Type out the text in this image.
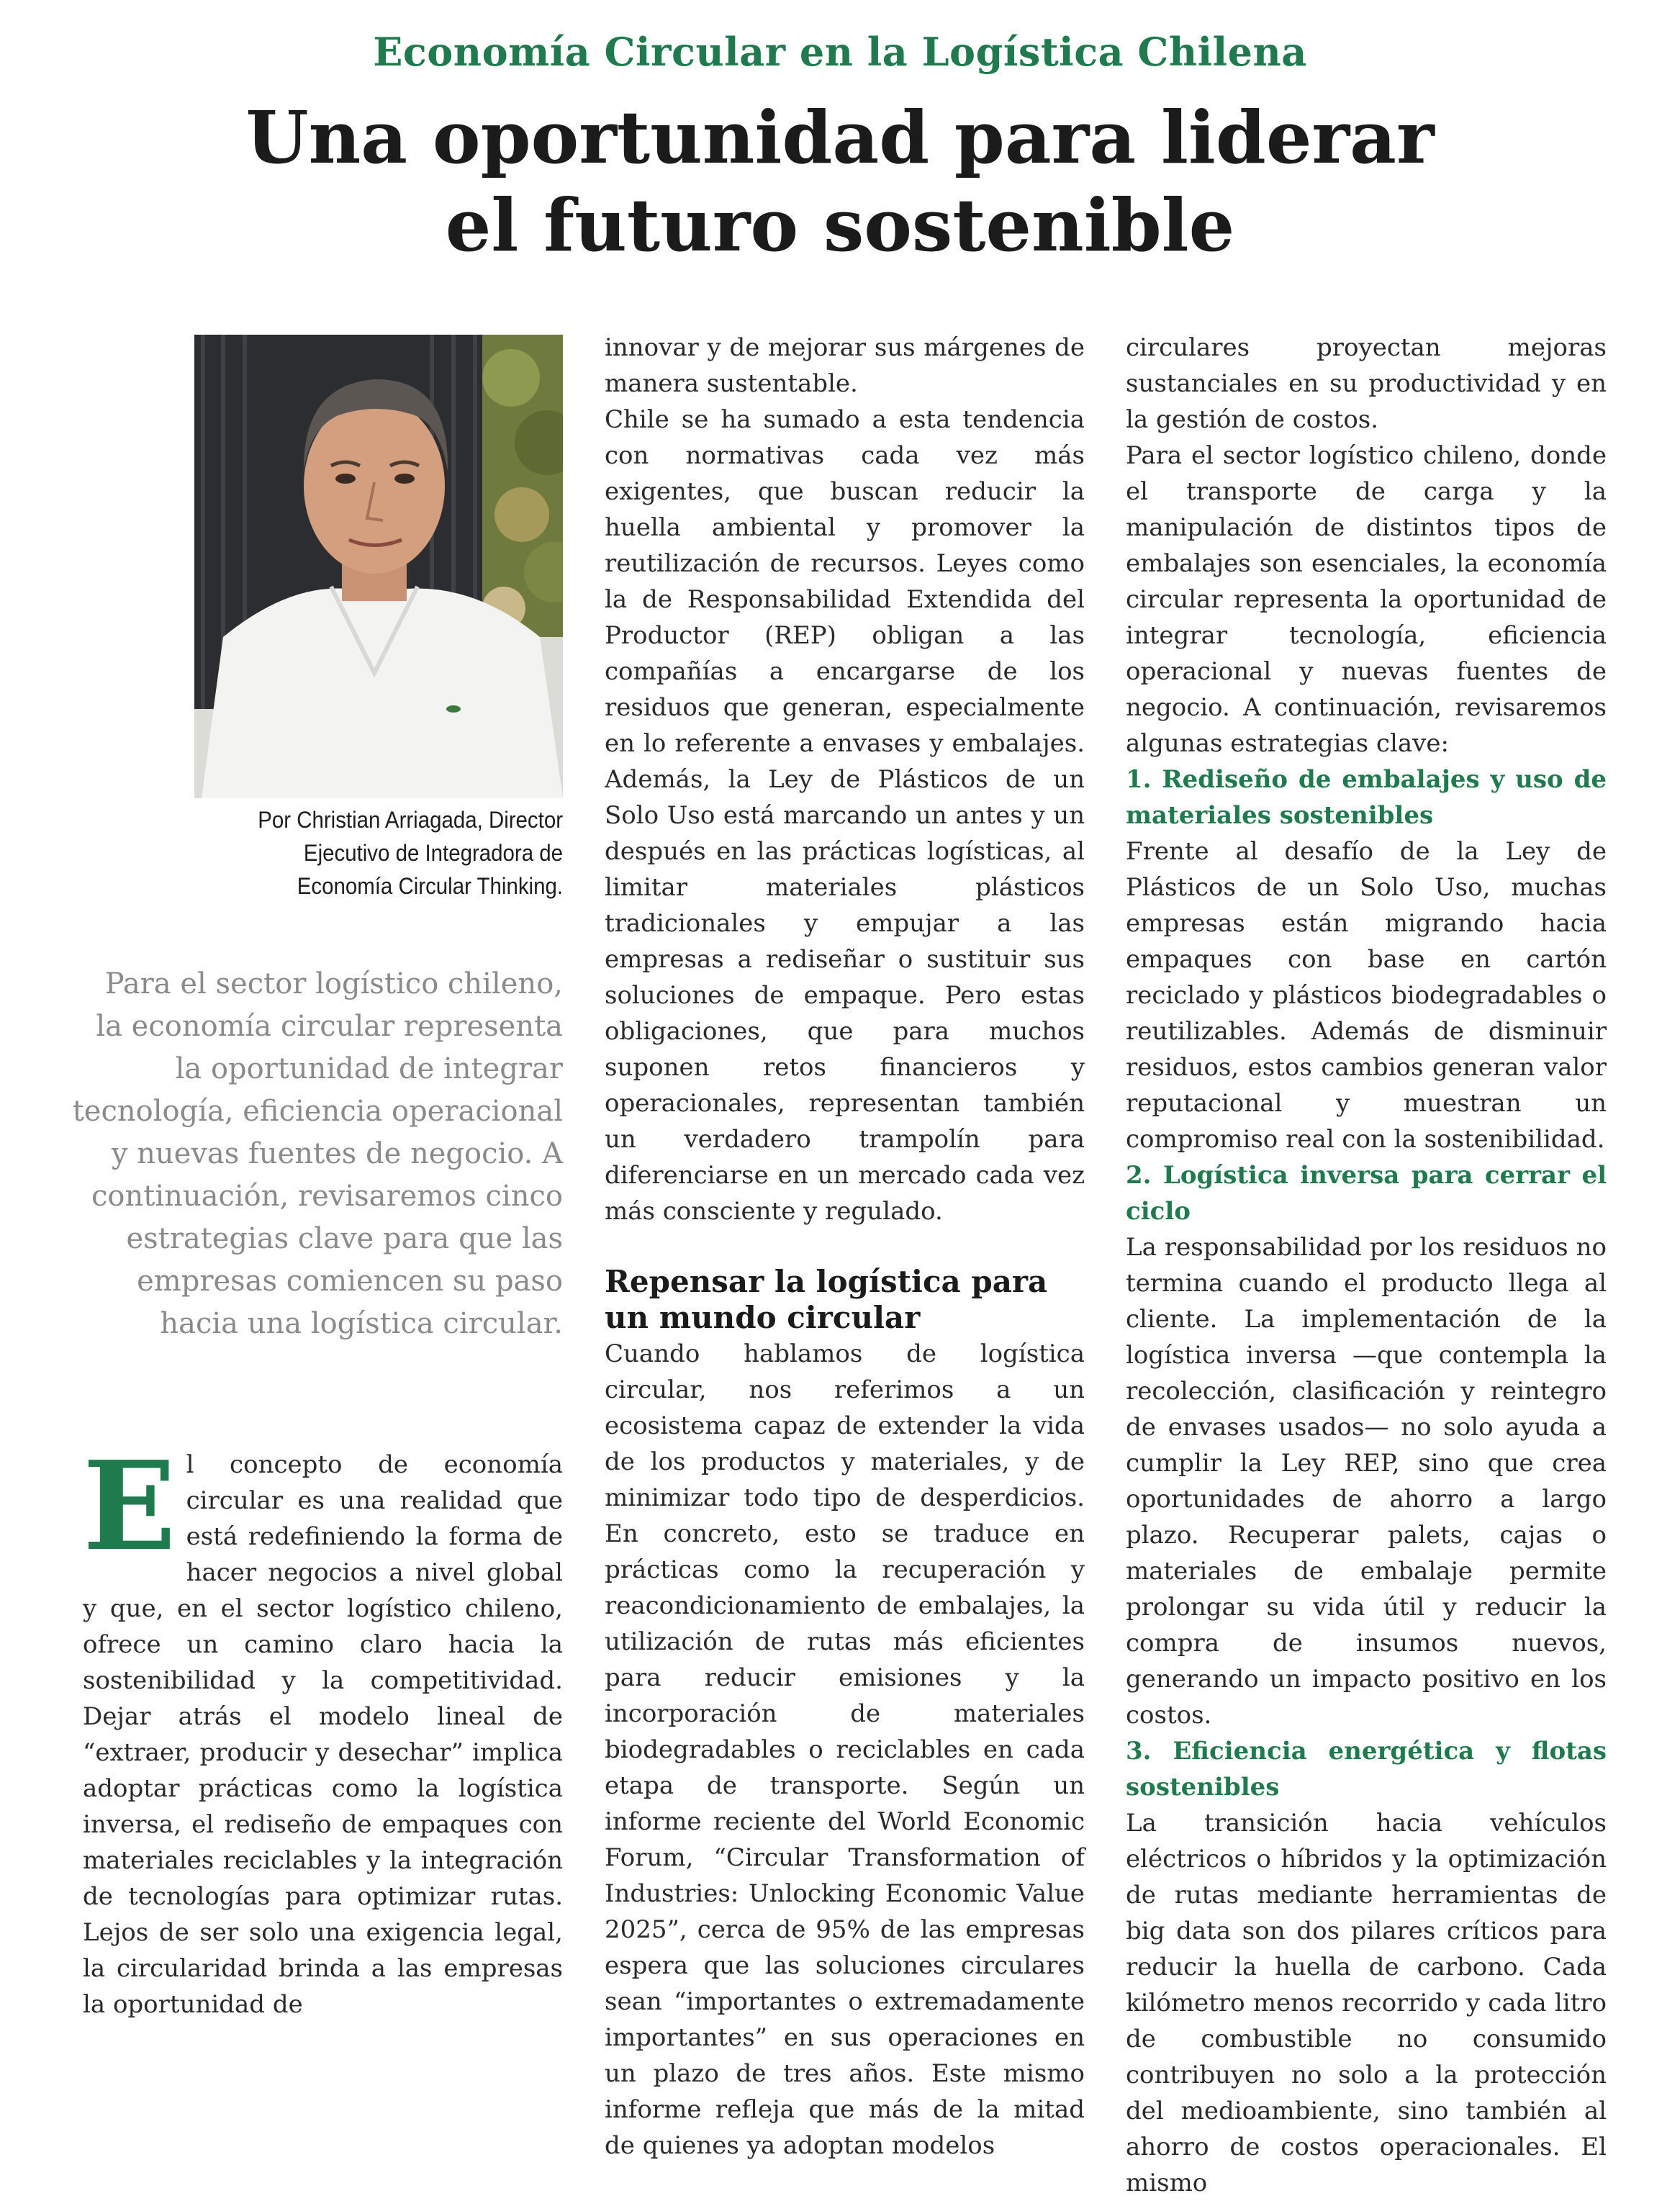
Economía Circular en la Logística Chilena
Una oportunidad para liderar
el futuro sostenible
Por Christian Arriagada, Director
Ejecutivo de Integradora de
Economía Circular Thinking.
Para el sector logístico chileno, la economía circular representa la oportunidad de integrar tecnología, eficiencia operacional y nuevas fuentes de negocio. A continuación, revisaremos cinco estrategias clave para que las empresas comiencen su paso hacia una logística circular.

El concepto de economía circular es una realidad que está redefiniendo la forma de hacer negocios a nivel global y que, en el sector logístico chileno, ofrece un camino claro hacia la sostenibilidad y la competitividad. Dejar atrás el modelo lineal de “extraer, producir y desechar” implica adoptar prácticas como la logística inversa, el rediseño de empaques con materiales reciclables y la integración de tecnologías para optimizar rutas. Lejos de ser solo una exigencia legal, la circularidad brinda a las empresas la oportunidad de

innovar y de mejorar sus márgenes de manera sustentable.

Chile se ha sumado a esta tendencia con normativas cada vez más exigentes, que buscan reducir la huella ambiental y promover la reutilización de recursos. Leyes como la de Responsabilidad Extendida del Productor (REP) obligan a las compañías a encargarse de los residuos que generan, especialmente en lo referente a envases y embalajes. Además, la Ley de Plásticos de un Solo Uso está marcando un antes y un después en las prácticas logísticas, al limitar materiales plásticos tradicionales y empujar a las empresas a rediseñar o sustituir sus soluciones de empaque. Pero estas obligaciones, que para muchos suponen retos financieros y operacionales, representan también un verdadero trampolín para diferenciarse en un mercado cada vez más consciente y regulado.

Repensar la logística para un mundo circular

Cuando hablamos de logística circular, nos referimos a un ecosistema capaz de extender la vida de los productos y materiales, y de minimizar todo tipo de desperdicios. En concreto, esto se traduce en prácticas como la recuperación y reacondicionamiento de embalajes, la utilización de rutas más eficientes para reducir emisiones y la incorporación de materiales biodegradables o reciclables en cada etapa de transporte. Según un informe reciente del World Economic Forum, “Circular Transformation of Industries: Unlocking Economic Value 2025”, cerca de 95% de las empresas espera que las soluciones circulares sean “importantes o extremadamente importantes” en sus operaciones en un plazo de tres años. Este mismo informe refleja que más de la mitad de quienes ya adoptan modelos

circulares proyectan mejoras sustanciales en su productividad y en la gestión de costos.

Para el sector logístico chileno, donde el transporte de carga y la manipulación de distintos tipos de embalajes son esenciales, la economía circular representa la oportunidad de integrar tecnología, eficiencia operacional y nuevas fuentes de negocio. A continuación, revisaremos algunas estrategias clave:

1. Rediseño de embalajes y uso de materiales sostenibles

Frente al desafío de la Ley de Plásticos de un Solo Uso, muchas empresas están migrando hacia empaques con base en cartón reciclado y plásticos biodegradables o reutilizables. Además de disminuir residuos, estos cambios generan valor reputacional y muestran un compromiso real con la sostenibilidad.

2. Logística inversa para cerrar el ciclo

La responsabilidad por los residuos no termina cuando el producto llega al cliente. La implementación de la logística inversa —que contempla la recolección, clasificación y reintegro de envases usados— no solo ayuda a cumplir la Ley REP, sino que crea oportunidades de ahorro a largo plazo. Recuperar palets, cajas o materiales de embalaje permite prolongar su vida útil y reducir la compra de insumos nuevos, generando un impacto positivo en los costos.

3. Eficiencia energética y flotas sostenibles

La transición hacia vehículos eléctricos o híbridos y la optimización de rutas mediante herramientas de big data son dos pilares críticos para reducir la huella de carbono. Cada kilómetro menos recorrido y cada litro de combustible no consumido contribuyen no solo a la protección del medioambiente, sino también al ahorro de costos operacionales. El mismo
